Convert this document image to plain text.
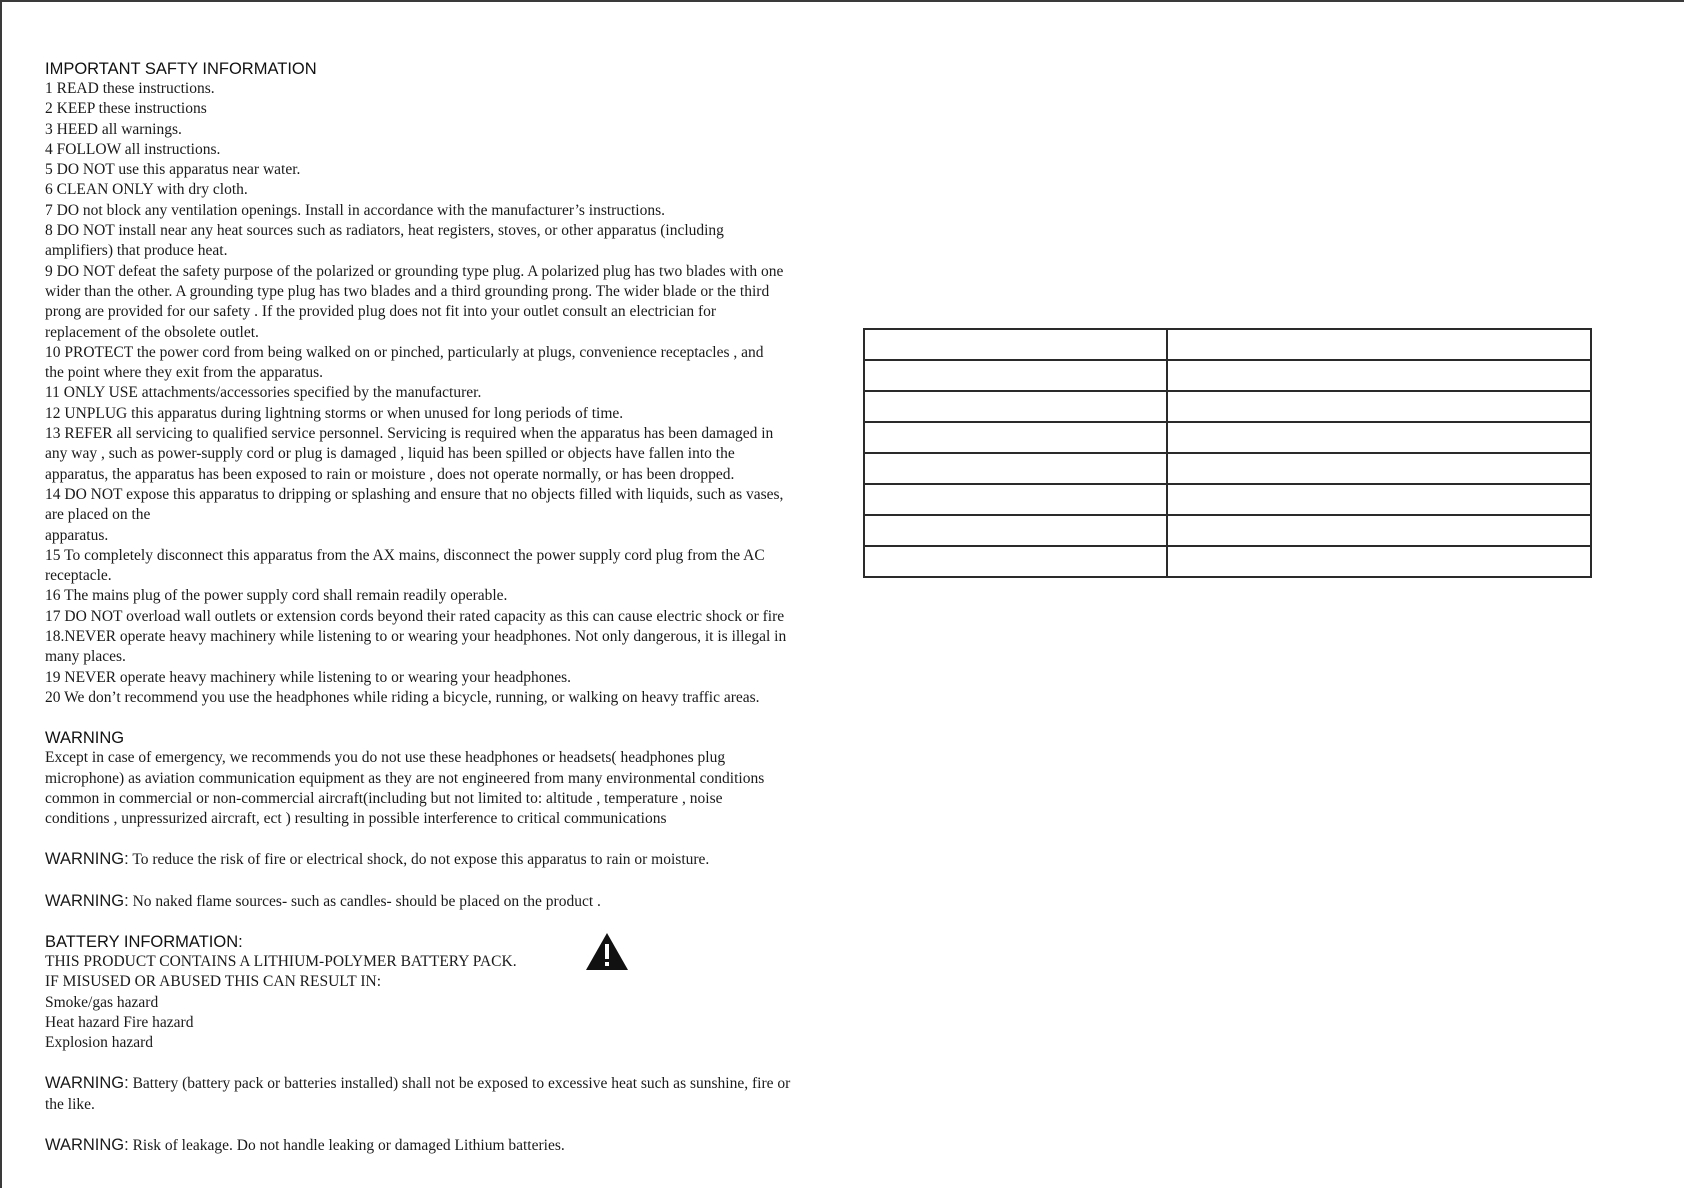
IMPORTANT SAFTY INFORMATION
1 READ these instructions.
2 KEEP these instructions
3 HEED all warnings.
4 FOLLOW all instructions.
5 DO NOT use this apparatus near water.
6 CLEAN ONLY with dry cloth.
7 DO not block any ventilation openings. Install in accordance with the manufacturer’s instructions.
8 DO NOT install near any heat sources such as radiators, heat registers, stoves, or other apparatus (including
amplifiers) that produce heat.
9 DO NOT defeat the safety purpose of the polarized or grounding type plug. A polarized plug has two blades with one
wider than the other. A grounding type plug has two blades and a third grounding prong. The wider blade or the third
prong are provided for our safety . If the provided plug does not fit into your outlet consult an electrician for
replacement of the obsolete outlet.
10 PROTECT the power cord from being walked on or pinched, particularly at plugs, convenience receptacles , and
the point where they exit from the apparatus.
11 ONLY USE attachments/accessories specified by the manufacturer.
12 UNPLUG this apparatus during lightning storms or when unused for long periods of time.
13 REFER all servicing to qualified service personnel. Servicing is required when the apparatus has been damaged in
any way , such as power-supply cord or plug is damaged , liquid has been spilled or objects have fallen into the
apparatus, the apparatus has been exposed to rain or moisture , does not operate normally, or has been dropped.
14 DO NOT expose this apparatus to dripping or splashing and ensure that no objects filled with liquids, such as vases,
are placed on the
apparatus.
15 To completely disconnect this apparatus from the AX mains, disconnect the power supply cord plug from the AC
receptacle.
16 The mains plug of the power supply cord shall remain readily operable.
17 DO NOT overload wall outlets or extension cords beyond their rated capacity as this can cause electric shock or fire
18.NEVER operate heavy machinery while listening to or wearing your headphones. Not only dangerous, it is illegal in
many places.
19 NEVER operate heavy machinery while listening to or wearing your headphones.
20 We don’t recommend you use the headphones while riding a bicycle, running, or walking on heavy traffic areas.
WARNING
Except in case of emergency, we recommends you do not use these headphones or headsets( headphones plug
microphone) as aviation communication equipment as they are not engineered from many environmental conditions
common in commercial or non-commercial aircraft(including but not limited to: altitude , temperature , noise
conditions , unpressurized aircraft, ect ) resulting in possible interference to critical communications
WARNING: To reduce the risk of fire or electrical shock, do not expose this apparatus to rain or moisture.
WARNING: No naked flame sources- such as candles- should be placed on the product .
BATTERY INFORMATION:
THIS PRODUCT CONTAINS A LITHIUM-POLYMER BATTERY PACK.
IF MISUSED OR ABUSED THIS CAN RESULT IN:
Smoke/gas hazard
Heat hazard Fire hazard
Explosion hazard
WARNING: Battery (battery pack or batteries installed) shall not be exposed to excessive heat such as sunshine, fire or
the like.
WARNING: Risk of leakage. Do not handle leaking or damaged Lithium batteries.
